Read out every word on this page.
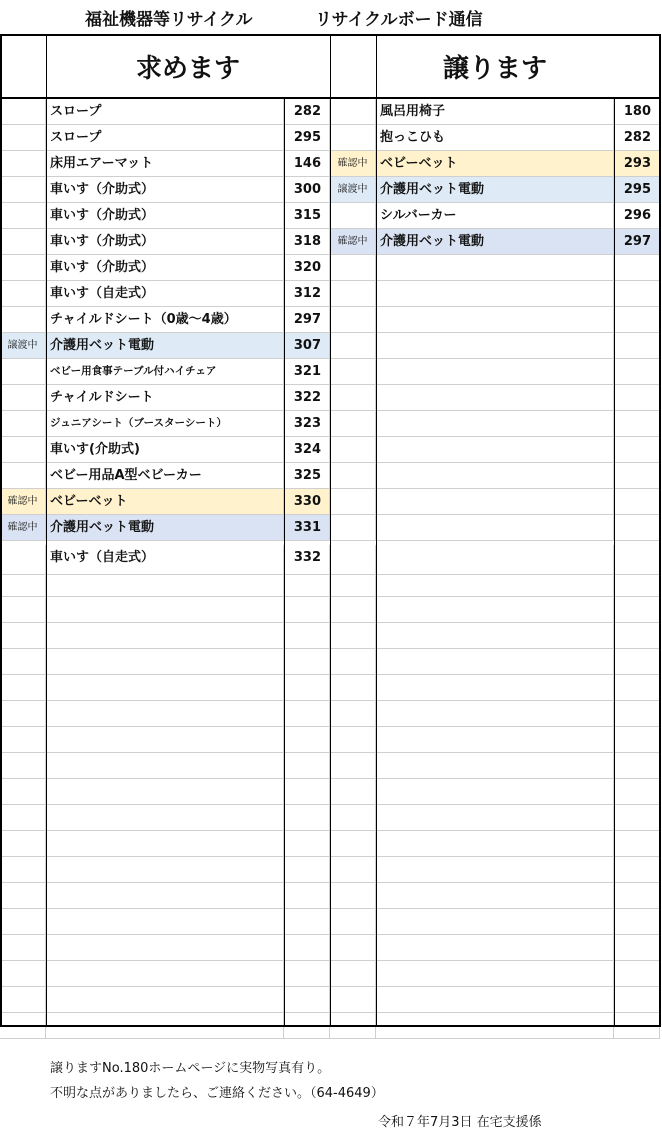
福祉機器等リサイクル	リサイクルボード通信
求めます	譲ります
スロープ	282	風呂用椅子	180
スロープ	295	抱っこひも	282
床用エアーマット	146	確認中 ベビーベット	293
車いす（介助式）	300	譲渡中 介護用ベット電動	295
車いす（介助式）	315	シルバーカー	296
車いす（介助式）	318	確認中 介護用ベット電動	297
車いす（介助式）	320
車いす（自走式）	312
チャイルドシート（0歳～4歳）	297
譲渡中 介護用ベット電動	307
ベビー用食事テーブル付ハイチェア	321
チャイルドシート	322
ジュニアシート（ブースターシート）	323
車いす(介助式)	324
ベビー用品A型ベビーカー	325
確認中 ベビーベット	330
確認中 介護用ベット電動	331
車いす（自走式）	332
譲りますNo.180ホームページに実物写真有り。
不明な点がありましたら、ご連絡ください。（64-4649）
令和７年7月3日 在宅支援係
